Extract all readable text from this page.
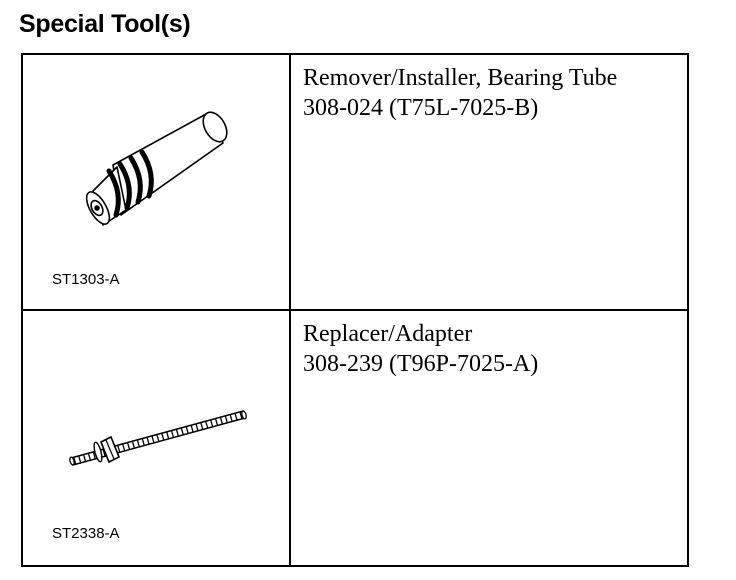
Special Tool(s)
ST1303-A
Remover/Installer, Bearing Tube
308-024 (T75L-7025-B)
ST2338-A
Replacer/Adapter
308-239 (T96P-7025-A)
